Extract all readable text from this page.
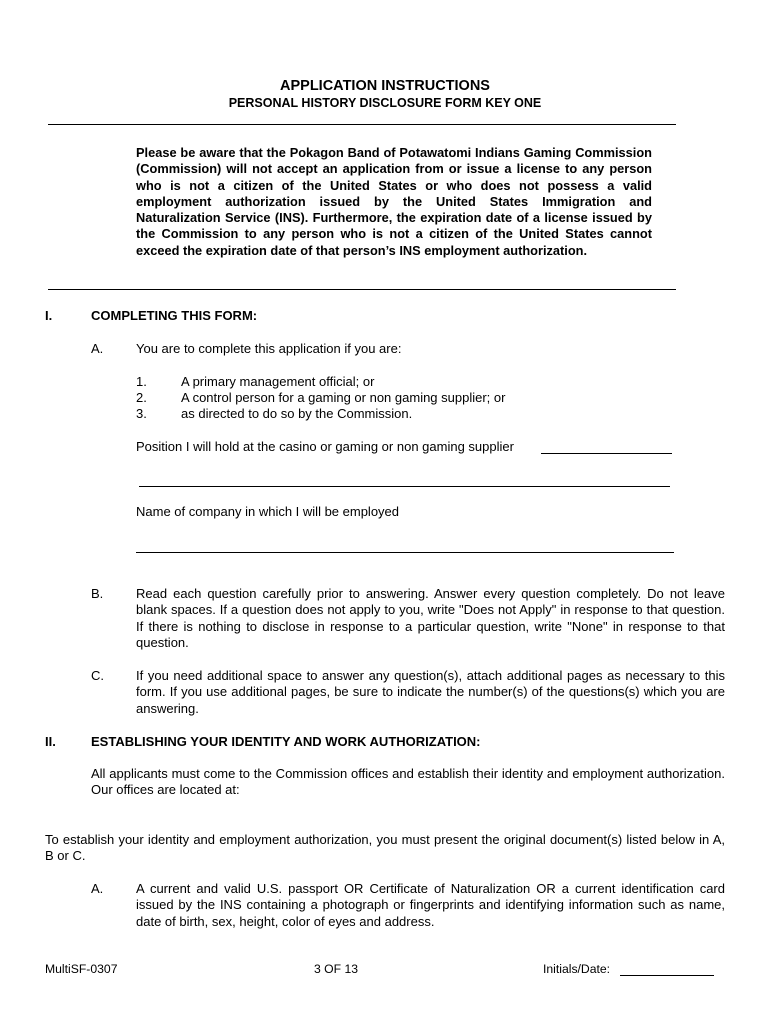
APPLICATION INSTRUCTIONS
PERSONAL HISTORY DISCLOSURE FORM KEY ONE
Please be aware that the Pokagon Band of Potawatomi Indians Gaming Commission (Commission) will not accept an application from or issue a license to any person who is not a citizen of the United States or who does not possess a valid employment authorization issued by the United States Immigration and Naturalization Service (INS). Furthermore, the expiration date of a license issued by the Commission to any person who is not a citizen of the United States cannot exceed the expiration date of that person’s INS employment authorization.
I.	COMPLETING THIS FORM:
A.	You are to complete this application if you are:
1.	A primary management official; or
2.	A control person for a gaming or non gaming supplier; or
3.	as directed to do so by the Commission.
Position I will hold at the casino or gaming or non gaming supplier
Name of company in which I will be employed
B.	Read each question carefully prior to answering. Answer every question completely. Do not leave blank spaces. If a question does not apply to you, write "Does not Apply" in response to that question. If there is nothing to disclose in response to a particular question, write "None" in response to that question.
C. If you need additional space to answer any question(s), attach additional pages as necessary to this form. If you use additional pages, be sure to indicate the number(s) of the questions(s) which you are answering.
II.	ESTABLISHING YOUR IDENTITY AND WORK AUTHORIZATION:
All applicants must come to the Commission offices and establish their identity and employment authorization. Our offices are located at:
To establish your identity and employment authorization, you must present the original document(s) listed below in A, B or C.
A.	A current and valid U.S. passport OR Certificate of Naturalization OR a current identification card issued by the INS containing a photograph or fingerprints and identifying information such as name, date of birth, sex, height, color of eyes and address.
MultiSF-0307	3 OF 13	Initials/Date:
